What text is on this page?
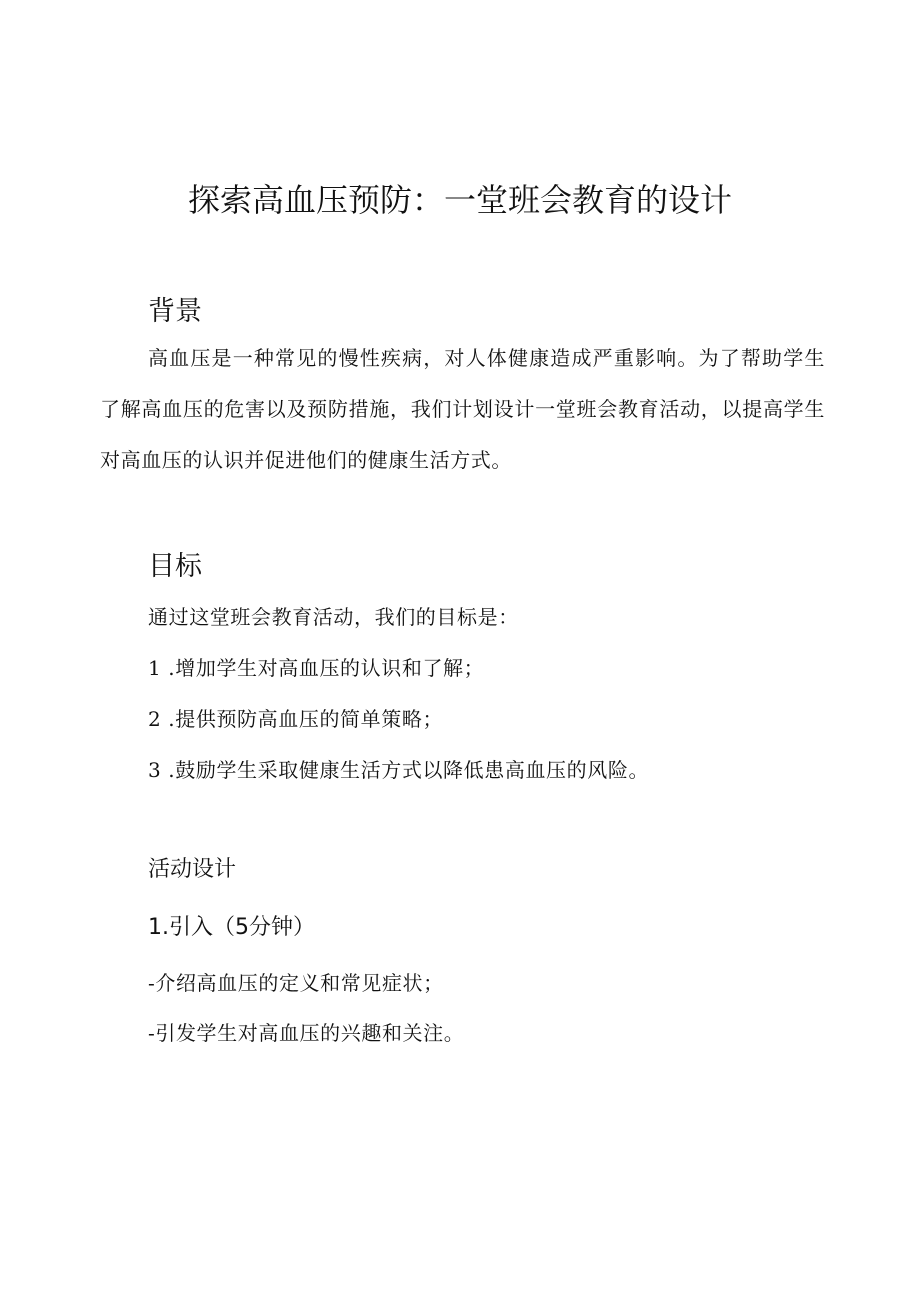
探索高血压预防：一堂班会教育的设计
背景

高血压是一种常见的慢性疾病，对人体健康造成严重影响。为了帮助学生了解高血压的危害以及预防措施，我们计划设计一堂班会教育活动，以提高学生对高血压的认识并促进他们的健康生活方式。

目标

通过这堂班会教育活动，我们的目标是：

1 .增加学生对高血压的认识和了解；

2 .提供预防高血压的简单策略；

3 .鼓励学生采取健康生活方式以降低患高血压的风险。

活动设计
1.引入（5分钟）

-介绍高血压的定义和常见症状；

-引发学生对高血压的兴趣和关注。
